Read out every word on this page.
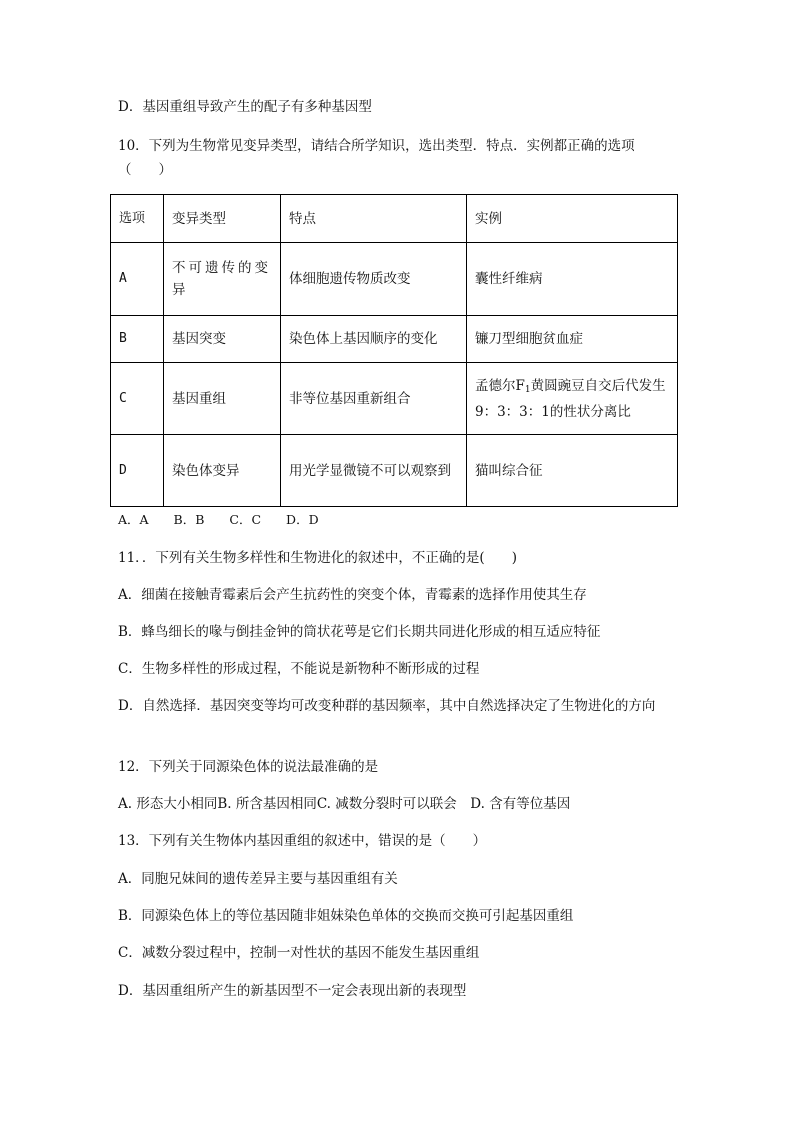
D．基因重组导致产生的配子有多种基因型
10．下列为生物常见变异类型，请结合所学知识，选出类型．特点．实例都正确的选项（　　）
选项	变异类型	特点	实例
A	不可遗传的变异	体细胞遗传物质改变	囊性纤维病
B	基因突变	染色体上基因顺序的变化	镰刀型细胞贫血症
C	基因重组	非等位基因重新组合	孟德尔$F_1$黄圆豌豆自交后代发生9：3：3：1的性状分离比
D	染色体变异	用光学显微镜不可以观察到	猫叫综合征
A．A　　B．B　　C．C　　D．D
11．．下列有关生物多样性和生物进化的叙述中，不正确的是(　　)
A．细菌在接触青霉素后会产生抗药性的突变个体，青霉素的选择作用使其生存
B．蜂鸟细长的喙与倒挂金钟的筒状花萼是它们长期共同进化形成的相互适应特征
C．生物多样性的形成过程，不能说是新物种不断形成的过程
D．自然选择．基因突变等均可改变种群的基因频率，其中自然选择决定了生物进化的方向
12．下列关于同源染色体的说法最准确的是
A. 形态大小相同B. 所含基因相同C. 减数分裂时可以联会　D. 含有等位基因
13．下列有关生物体内基因重组的叙述中，错误的是（　　）
A．同胞兄妹间的遗传差异主要与基因重组有关
B．同源染色体上的等位基因随非姐妹染色单体的交换而交换可引起基因重组
C．减数分裂过程中，控制一对性状的基因不能发生基因重组
D．基因重组所产生的新基因型不一定会表现出新的表现型
